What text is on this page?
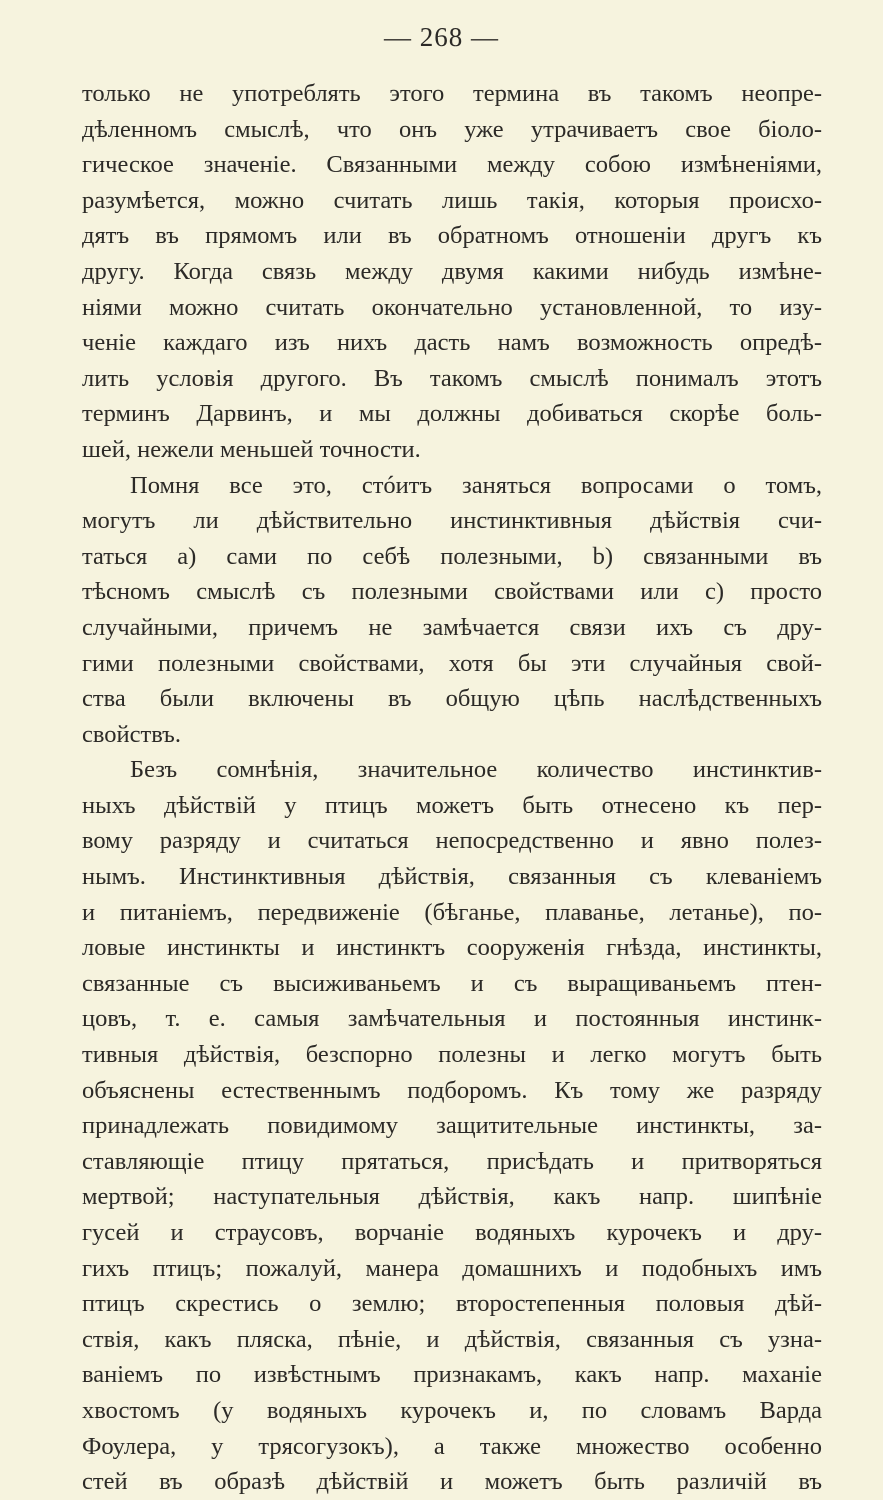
— 268 —
только не употреблять этого термина въ такомъ неопре-
дѣленномъ смыслѣ, что онъ уже утрачиваетъ свое біоло-
гическое значеніе. Связанными между собою измѣненіями,
разумѣется, можно считать лишь такія, которыя происхо-
дятъ въ прямомъ или въ обратномъ отношеніи другъ къ
другу. Когда связь между двумя какими нибудь измѣне-
ніями можно считать окончательно установленной, то изу-
ченіе каждаго изъ нихъ дасть намъ возможность опредѣ-
лить условія другого. Въ такомъ смыслѣ понималъ этотъ
терминъ Дарвинъ, и мы должны добиваться скорѣе боль-
шей, нежели меньшей точности.
Помня все это, стóитъ заняться вопросами о томъ,
могутъ ли дѣйствительно инстинктивныя дѣйствія счи-
таться a) сами по себѣ полезными, b) связанными въ
тѣсномъ смыслѣ съ полезными свойствами или c) просто
случайными, причемъ не замѣчается связи ихъ съ дру-
гими полезными свойствами, хотя бы эти случайныя свой-
ства были включены въ общую цѣпь наслѣдственныхъ
свойствъ.
Безъ сомнѣнія, значительное количество инстинктив-
ныхъ дѣйствій у птицъ можетъ быть отнесено къ пер-
вому разряду и считаться непосредственно и явно полез-
нымъ. Инстинктивныя дѣйствія, связанныя съ клеваніемъ
и питаніемъ, передвиженіе (бѣганье, плаванье, летанье), по-
ловые инстинкты и инстинктъ сооруженія гнѣзда, инстинкты,
связанные съ высиживаньемъ и съ выращиваньемъ птен-
цовъ, т. е. самыя замѣчательныя и постоянныя инстинк-
тивныя дѣйствія, безспорно полезны и легко могутъ быть
объяснены естественнымъ подборомъ. Къ тому же разряду
принадлежать повидимому защитительные инстинкты, за-
ставляющіе птицу прятаться, присѣдать и притворяться
мертвой; наступательныя дѣйствія, какъ напр. шипѣніе
гусей и страусовъ, ворчаніе водяныхъ курочекъ и дру-
гихъ птицъ; пожалуй, манера домашнихъ и подобныхъ имъ
птицъ скрестись о землю; второстепенныя половыя дѣй-
ствія, какъ пляска, пѣніе, и дѣйствія, связанныя съ узна-
ваніемъ по извѣстнымъ признакамъ, какъ напр. маханіе
хвостомъ (у водяныхъ курочекъ и, по словамъ Варда
Фоулера, у трясогузокъ), а также множество особенно
стей въ образѣ дѣйствій и можетъ быть различій въ
